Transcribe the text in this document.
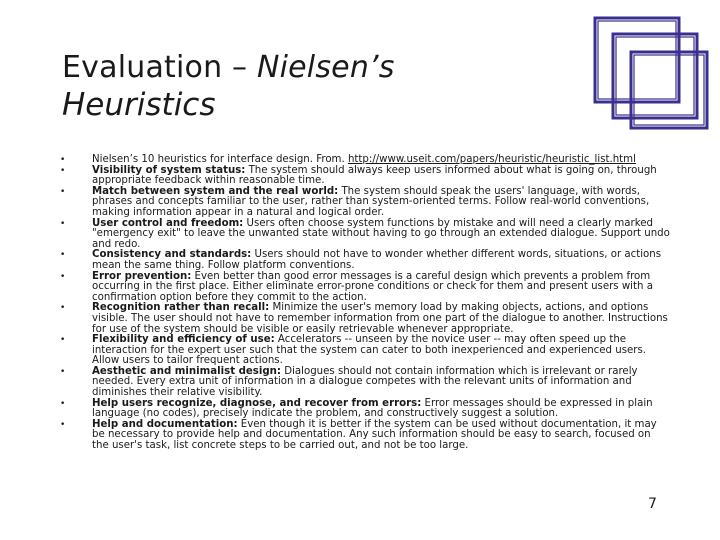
Evaluation – Nielsen’s
Heuristics
•	Nielsen’s 10 heuristics for interface design. From. http://www.useit.com/papers/heuristic/heuristic_list.html
•	Visibility of system status: The system should always keep users informed about what is going on, through appropriate feedback within reasonable time.
•	Match between system and the real world: The system should speak the users' language, with words, phrases and concepts familiar to the user, rather than system-oriented terms. Follow real-world conventions, making information appear in a natural and logical order.
•	User control and freedom: Users often choose system functions by mistake and will need a clearly marked "emergency exit" to leave the unwanted state without having to go through an extended dialogue. Support undo and redo.
•	Consistency and standards: Users should not have to wonder whether different words, situations, or actions mean the same thing. Follow platform conventions.
•	Error prevention: Even better than good error messages is a careful design which prevents a problem from occurring in the first place. Either eliminate error-prone conditions or check for them and present users with a confirmation option before they commit to the action.
•	Recognition rather than recall: Minimize the user's memory load by making objects, actions, and options visible. The user should not have to remember information from one part of the dialogue to another. Instructions for use of the system should be visible or easily retrievable whenever appropriate.
•	Flexibility and efficiency of use: Accelerators -- unseen by the novice user -- may often speed up the interaction for the expert user such that the system can cater to both inexperienced and experienced users. Allow users to tailor frequent actions.
•	Aesthetic and minimalist design: Dialogues should not contain information which is irrelevant or rarely needed. Every extra unit of information in a dialogue competes with the relevant units of information and diminishes their relative visibility.
•	Help users recognize, diagnose, and recover from errors: Error messages should be expressed in plain language (no codes), precisely indicate the problem, and constructively suggest a solution.
•	Help and documentation: Even though it is better if the system can be used without documentation, it may be necessary to provide help and documentation. Any such information should be easy to search, focused on the user's task, list concrete steps to be carried out, and not be too large.
7
